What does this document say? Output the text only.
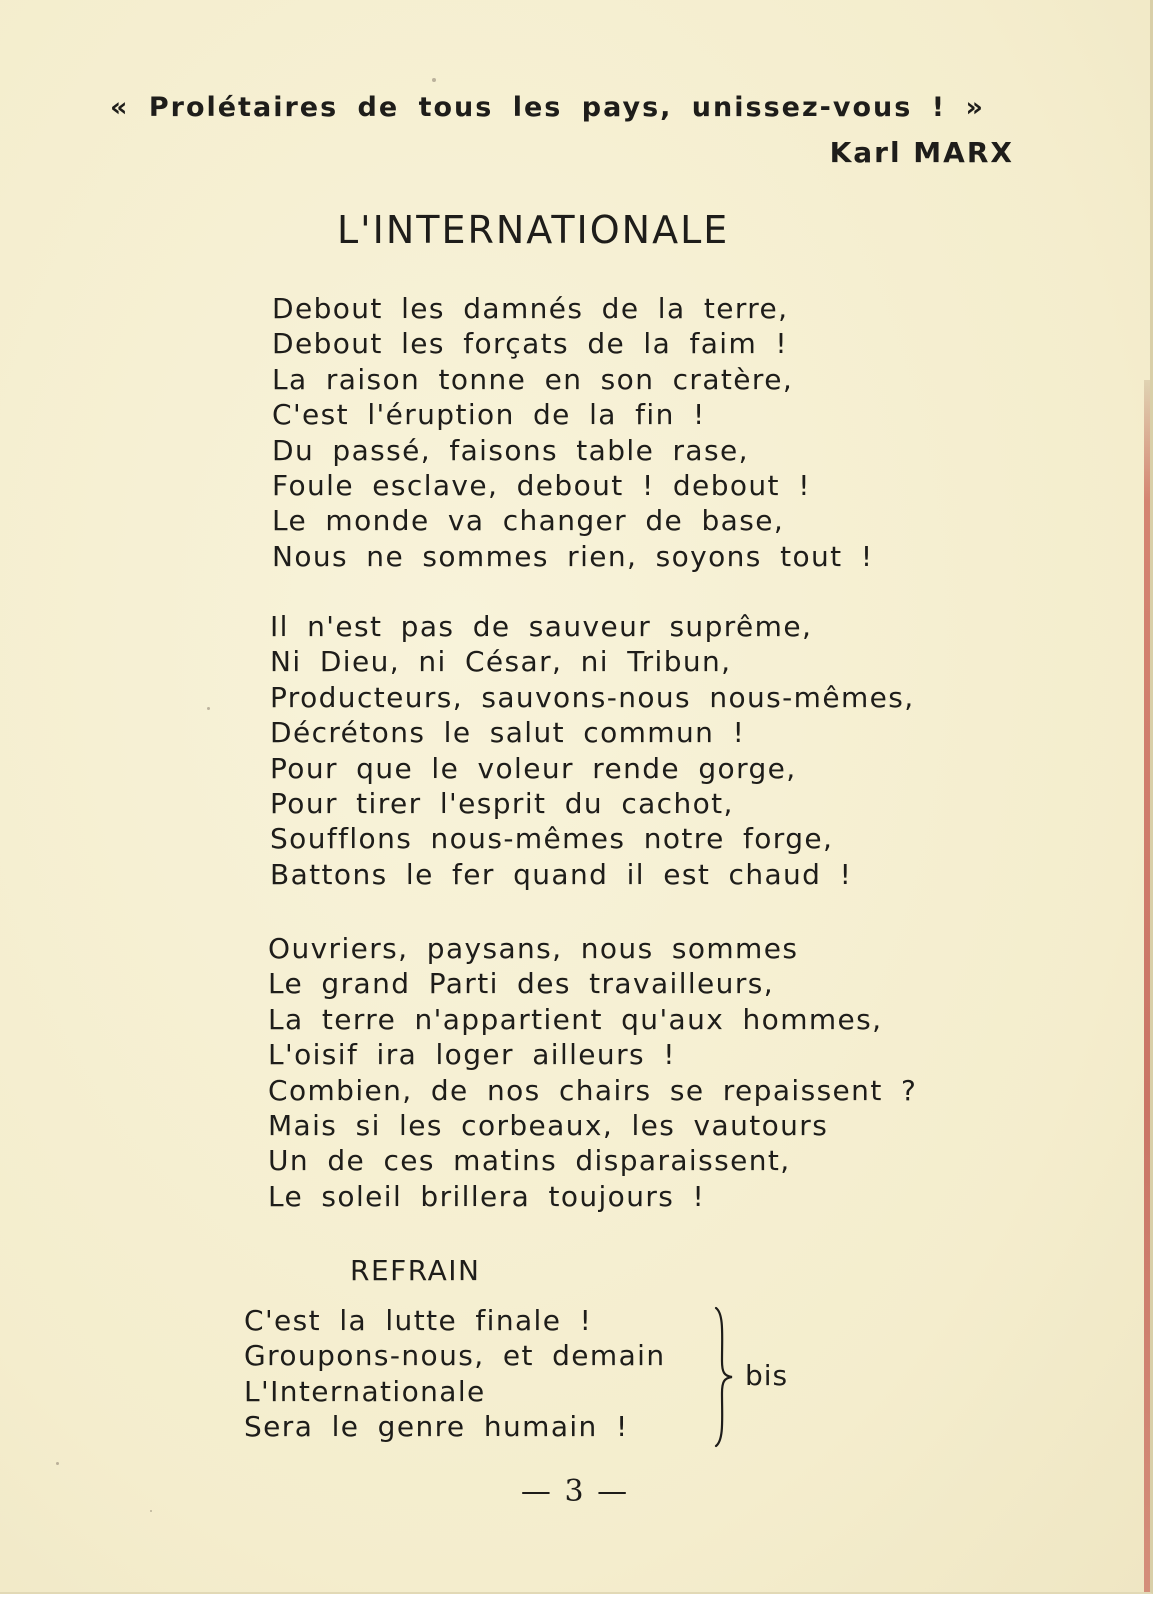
« Prolétaires de tous les pays, unissez-vous ! »
Karl MARX
L'INTERNATIONALE
Debout les damnés de la terre,
Debout les forçats de la faim !
La raison tonne en son cratère,
C'est l'éruption de la fin !
Du passé, faisons table rase,
Foule esclave, debout ! debout !
Le monde va changer de base,
Nous ne sommes rien, soyons tout !
Il n'est pas de sauveur suprême,
Ni Dieu, ni César, ni Tribun,
Producteurs, sauvons-nous nous-mêmes,
Décrétons le salut commun !
Pour que le voleur rende gorge,
Pour tirer l'esprit du cachot,
Soufflons nous-mêmes notre forge,
Battons le fer quand il est chaud !
Ouvriers, paysans, nous sommes
Le grand Parti des travailleurs,
La terre n'appartient qu'aux hommes,
L'oisif ira loger ailleurs !
Combien, de nos chairs se repaissent ?
Mais si les corbeaux, les vautours
Un de ces matins disparaissent,
Le soleil brillera toujours !
REFRAIN
C'est la lutte finale !
Groupons-nous, et demain
L'Internationale
Sera le genre humain !
bis
— 3 —
